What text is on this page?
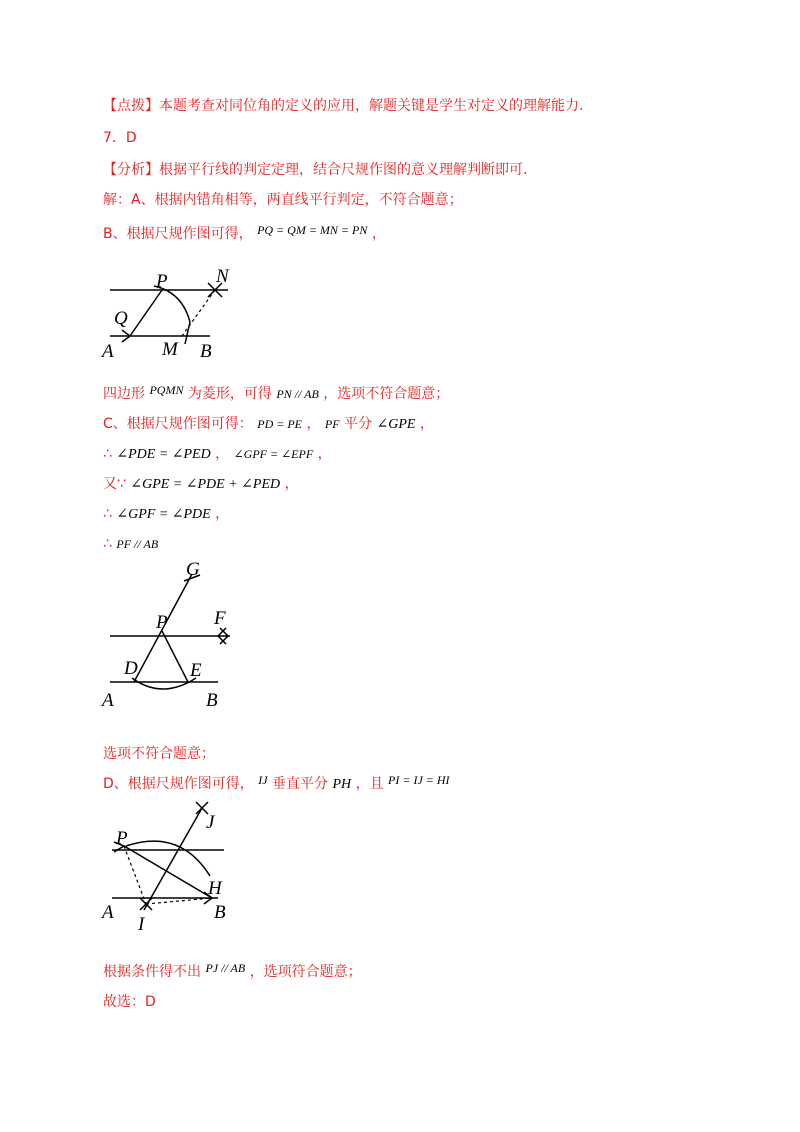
【点拨】本题考查对同位角的定义的应用，解题关键是学生对定义的理解能力.
7．D
【分析】根据平行线的判定定理，结合尺规作图的意义理解判断即可.
解：A、根据内错角相等，两直线平行判定，不符合题意；
B、根据尺规作图可得， PQ = QM = MN = PN ，
P	N
Q
A	M B
四边形 PQMN 为菱形，可得 PN // AB ，选项不符合题意；
C、根据尺规作图可得： PD = PE ， PF 平分 ∠GPE ，
∴ ∠PDE = ∠PED ， ∠GPF = ∠EPF ，
又∵ ∠GPE = ∠PDE + ∠PED ，
∴ ∠GPF = ∠PDE ，
∴ PF // AB
G
P F
D	E
A	B
选项不符合题意；
D、根据尺规作图可得， IJ 垂直平分 PH ，且 PI = IJ = HI
J
P
H
A
I
B
根据条件得不出 PJ // AB ，选项符合题意；
故选：D
